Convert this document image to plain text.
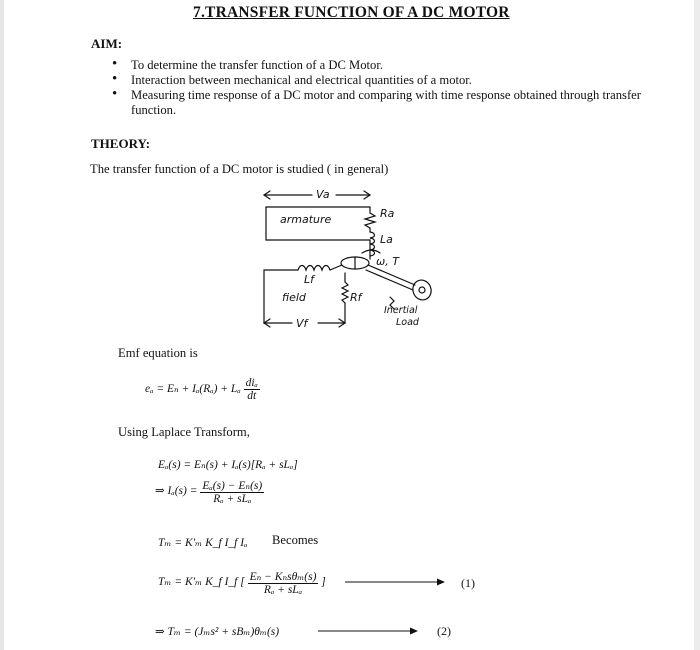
7.TRANSFER FUNCTION OF A DC MOTOR
AIM:
• To determine the transfer function of a DC Motor.
• Interaction between mechanical and electrical quantities of a motor.
• Measuring time response of a DC motor and comparing with time response obtained through transfer function.
THEORY:
The transfer function of a DC motor is studied ( in general)
Va
armature	Ra
La
ω, T
Lf
field	Rf
Inertial
Load
Vf
Emf equation is
eₐ = Eₙ + Iₐ(Rₐ) + Lₐ $\frac{\text{diₐ}}{dt}$
Using Laplace Transform,
Eₐ(s) = Eₙ(s) + Iₐ(s)[Rₐ + sLₐ]
⇒ $I_a(s) = \frac{\text{Eₐ(s) − Eₙ(s)}}{\text{Rₐ + sLₐ}}$
Tₘ = K′ₘ K_f I_f Iₐ Becomes
Tₘ = K′ₘ K_f I_f [ $\frac{\text{Eₙ − Kₙsθₘ(s)}}{\text{Rₐ + sLₐ}}$ ]	(1)
⇒ Tₘ = (Jₘs² + sBₘ)θₘ(s)	(2)
